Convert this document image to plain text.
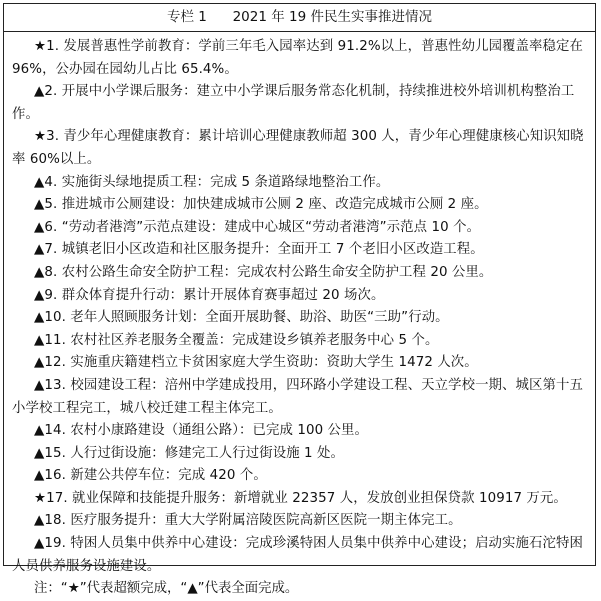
专栏 1      2021 年 19 件民生实事推进情况

★1. 发展普惠性学前教育：学前三年毛入园率达到 91.2%以上，普惠性幼儿园覆盖率稳定在 96%，公办园在园幼儿占比 65.4%。

▲2. 开展中小学课后服务：建立中小学课后服务常态化机制，持续推进校外培训机构整治工作。

★3. 青少年心理健康教育：累计培训心理健康教师超 300 人，青少年心理健康核心知识知晓率 60%以上。

▲4. 实施街头绿地提质工程：完成 5 条道路绿地整治工作。

▲5. 推进城市公厕建设：加快建成城市公厕 2 座、改造完成城市公厕 2 座。

▲6. “劳动者港湾”示范点建设：建成中心城区“劳动者港湾”示范点 10 个。

▲7. 城镇老旧小区改造和社区服务提升：全面开工 7 个老旧小区改造工程。

▲8. 农村公路生命安全防护工程：完成农村公路生命安全防护工程 20 公里。

▲9. 群众体育提升行动：累计开展体育赛事超过 20 场次。

▲10. 老年人照顾服务计划：全面开展助餐、助浴、助医“三助”行动。

▲11. 农村社区养老服务全覆盖：完成建设乡镇养老服务中心 5 个。

▲12. 实施重庆籍建档立卡贫困家庭大学生资助：资助大学生 1472 人次。

▲13. 校园建设工程：涪州中学建成投用，四环路小学建设工程、天立学校一期、城区第十五小学校工程完工，城八校迁建工程主体完工。

▲14. 农村小康路建设（通组公路）：已完成 100 公里。

▲15. 人行过街设施：修建完工人行过街设施 1 处。

▲16. 新建公共停车位：完成 420 个。

★17. 就业保障和技能提升服务：新增就业 22357 人，发放创业担保贷款 10917 万元。

▲18. 医疗服务提升：重大大学附属涪陵医院高新区医院一期主体完工。

▲19. 特困人员集中供养中心建设：完成珍溪特困人员集中供养中心建设；启动实施石沱特困人员供养服务设施建设。

注：“★”代表超额完成，“▲”代表全面完成。
